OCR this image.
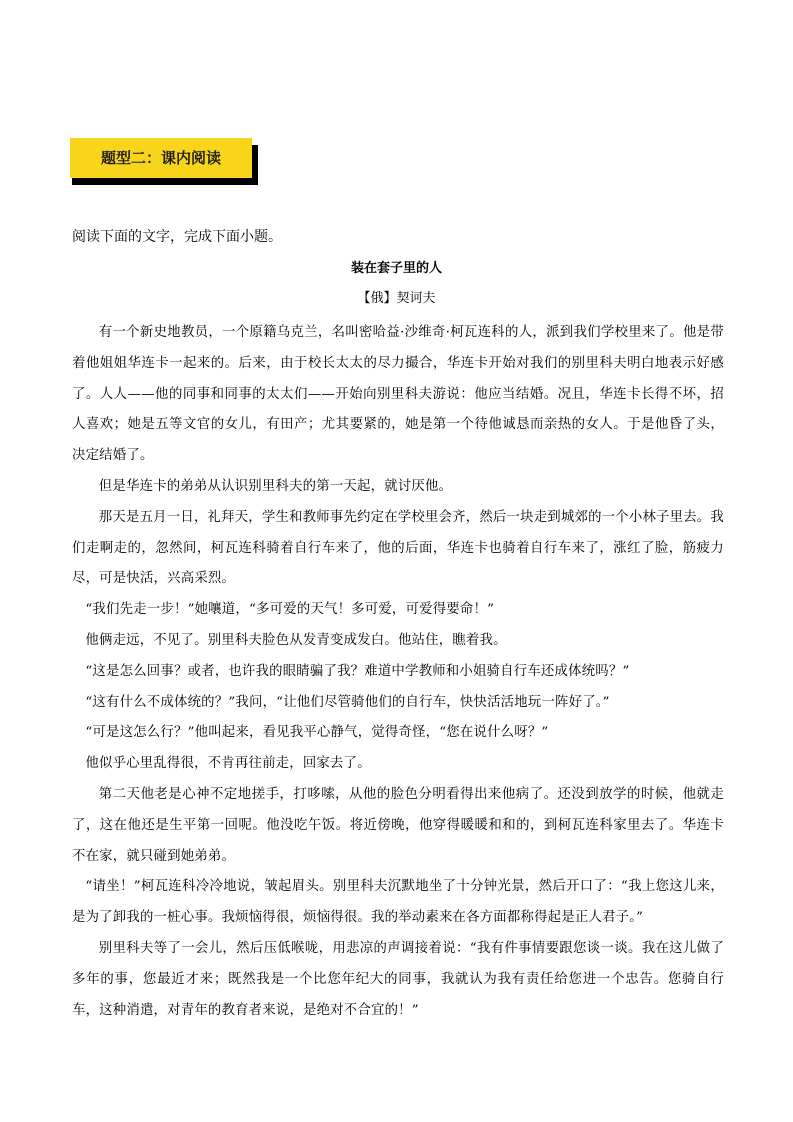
题型二：课内阅读
阅读下面的文字，完成下面小题。
装在套子里的人
【俄】契诃夫

有一个新史地教员，一个原籍乌克兰，名叫密哈益·沙维奇·柯瓦连科的人，派到我们学校里来了。他是带着他姐姐华连卡一起来的。后来，由于校长太太的尽力撮合，华连卡开始对我们的别里科夫明白地表示好感了。人人——他的同事和同事的太太们——开始向别里科夫游说：他应当结婚。况且，华连卡长得不坏，招人喜欢；她是五等文官的女儿，有田产；尤其要紧的，她是第一个待他诚恳而亲热的女人。于是他昏了头，决定结婚了。

但是华连卡的弟弟从认识别里科夫的第一天起，就讨厌他。

那天是五月一日，礼拜天，学生和教师事先约定在学校里会齐，然后一块走到城郊的一个小林子里去。我们走啊走的，忽然间，柯瓦连科骑着自行车来了，他的后面，华连卡也骑着自行车来了，涨红了脸，筋疲力尽，可是快活，兴高采烈。

“我们先走一步！”她嚷道，“多可爱的天气！多可爱，可爱得要命！”

他俩走远，不见了。别里科夫脸色从发青变成发白。他站住，瞧着我。

“这是怎么回事？或者，也许我的眼睛骗了我？难道中学教师和小姐骑自行车还成体统吗？”

“这有什么不成体统的？”我问，“让他们尽管骑他们的自行车，快快活活地玩一阵好了。”

“可是这怎么行？”他叫起来，看见我平心静气，觉得奇怪，“您在说什么呀？”

他似乎心里乱得很，不肯再往前走，回家去了。

第二天他老是心神不定地搓手，打哆嗦，从他的脸色分明看得出来他病了。还没到放学的时候，他就走了，这在他还是生平第一回呢。他没吃午饭。将近傍晚，他穿得暖暖和和的，到柯瓦连科家里去了。华连卡不在家，就只碰到她弟弟。

“请坐！”柯瓦连科冷冷地说，皱起眉头。别里科夫沉默地坐了十分钟光景，然后开口了：“我上您这儿来，是为了卸我的一桩心事。我烦恼得很，烦恼得很。我的举动素来在各方面都称得起是正人君子。”

别里科夫等了一会儿，然后压低喉咙，用悲凉的声调接着说：“我有件事情要跟您谈一谈。我在这儿做了多年的事，您最近才来；既然我是一个比您年纪大的同事，我就认为我有责任给您进一个忠告。您骑自行车，这种消遣，对青年的教育者来说，是绝对不合宜的！”
